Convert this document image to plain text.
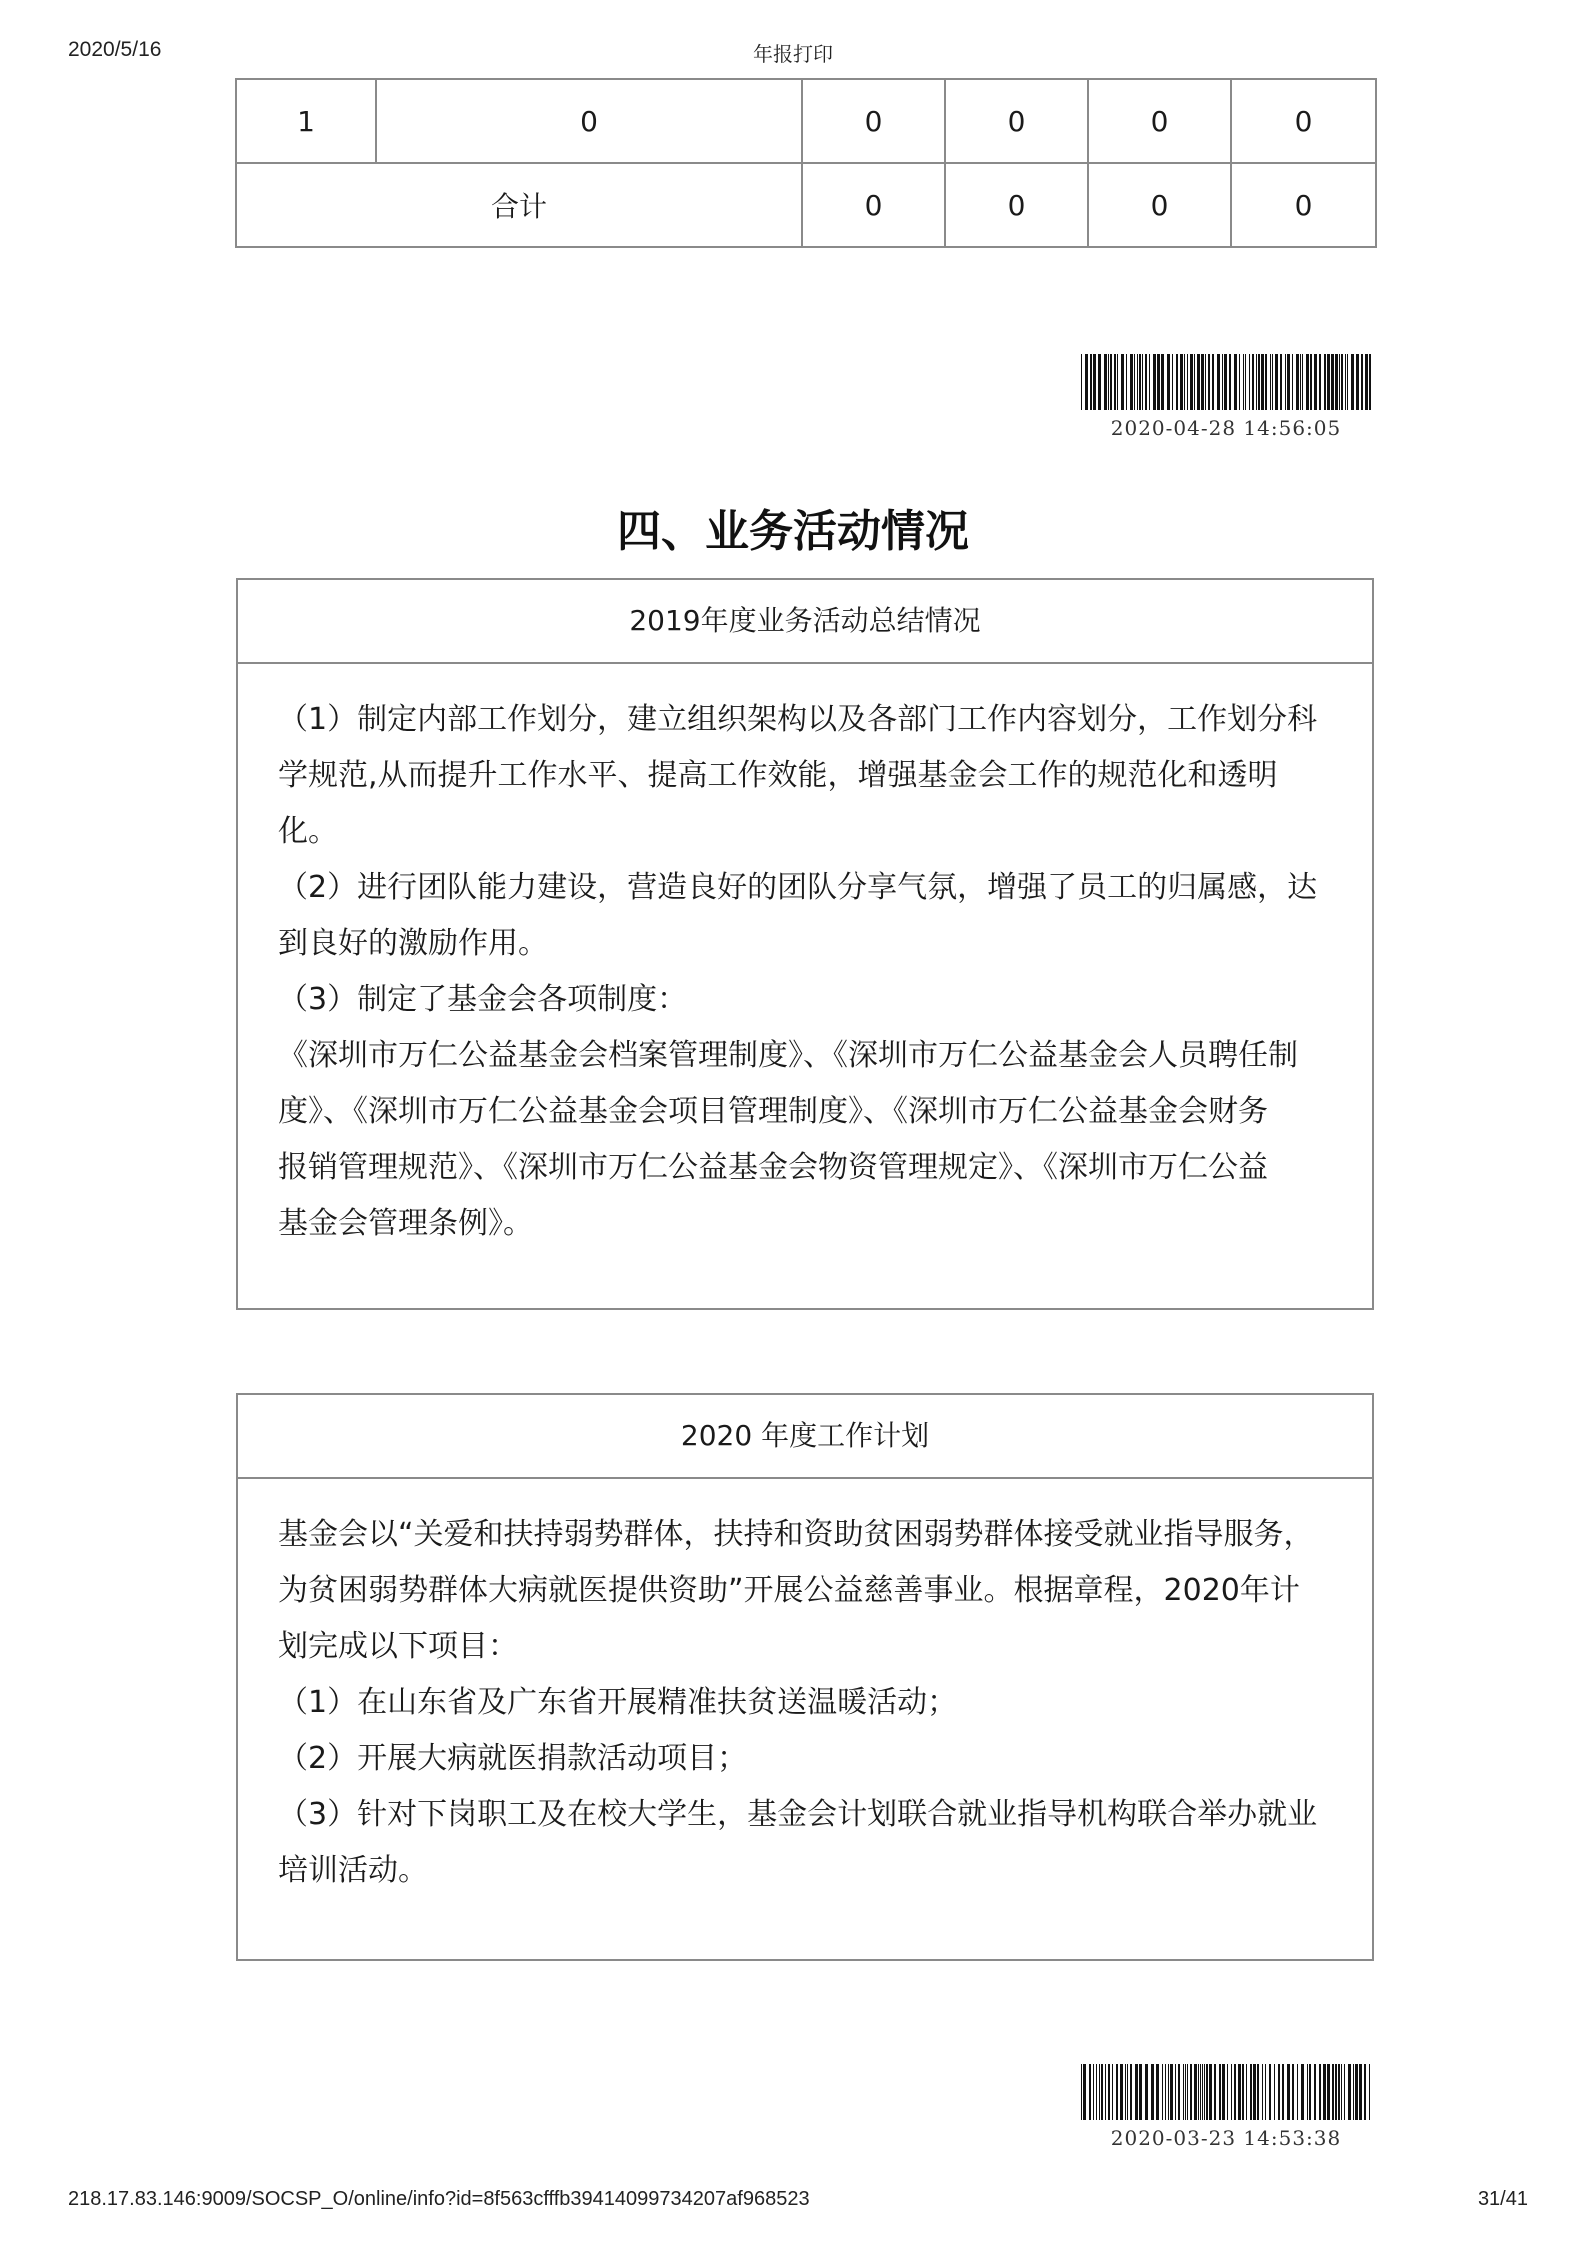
2020/5/16	年报打印
1	0	0	0	0	0
合计		0	0	0	0
2020-04-28 14:56:05
四、业务活动情况
2019年度业务活动总结情况

（1）制定内部工作划分，建立组织架构以及各部门工作内容划分，工作划分科

学规范,从而提升工作水平、提高工作效能，增强基金会工作的规范化和透明

化。

（2）进行团队能力建设，营造良好的团队分享气氛，增强了员工的归属感，达

到良好的激励作用。

（3）制定了基金会各项制度：

《深圳市万仁公益基金会档案管理制度》、《深圳市万仁公益基金会人员聘任制

度》、《深圳市万仁公益基金会项目管理制度》、《深圳市万仁公益基金会财务

报销管理规范》、《深圳市万仁公益基金会物资管理规定》、《深圳市万仁公益

基金会管理条例》。

2020 年度工作计划

基金会以“关爱和扶持弱势群体，扶持和资助贫困弱势群体接受就业指导服务，

为贫困弱势群体大病就医提供资助”开展公益慈善事业。根据章程，2020年计

划完成以下项目：

（1）在山东省及广东省开展精准扶贫送温暖活动；

（2）开展大病就医捐款活动项目；

（3）针对下岗职工及在校大学生，基金会计划联合就业指导机构联合举办就业

培训活动。

2020-03-23 14:53:38
218.17.83.146:9009/SOCSP_O/online/info?id=8f563cfffb39414099734207af968523	31/41
